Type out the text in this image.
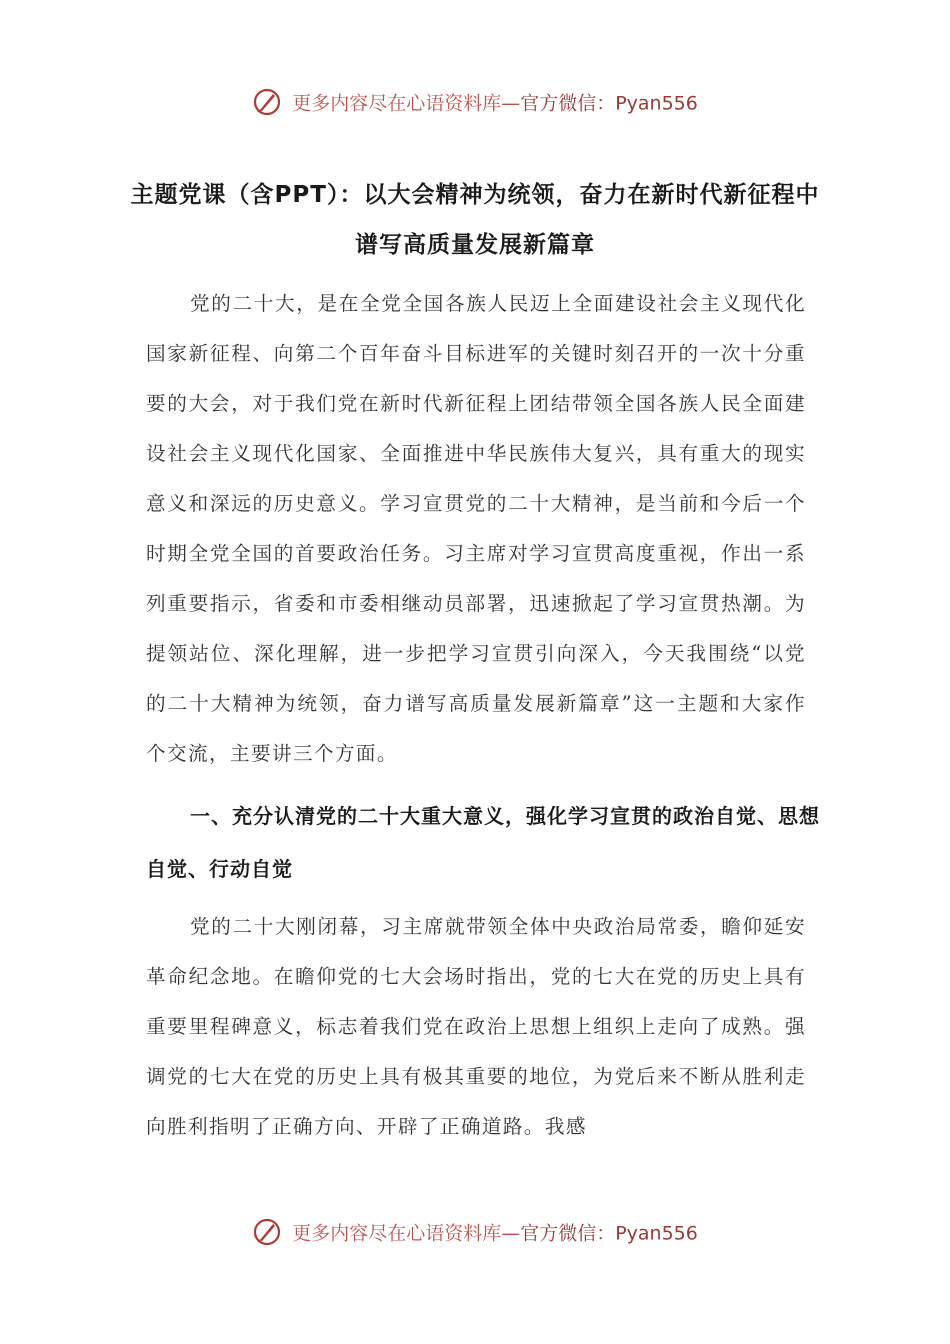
更多内容尽在心语资料库—官方微信：Pyan556
主题党课（含PPT）：以大会精神为统领，奋力在新时代新征程中谱写高质量发展新篇章
党的二十大，是在全党全国各族人民迈上全面建设社会主义现代化国家新征程、向第二个百年奋斗目标进军的关键时刻召开的一次十分重要的大会，对于我们党在新时代新征程上团结带领全国各族人民全面建设社会主义现代化国家、全面推进中华民族伟大复兴，具有重大的现实意义和深远的历史意义。学习宣贯党的二十大精神，是当前和今后一个时期全党全国的首要政治任务。习主席对学习宣贯高度重视，作出一系列重要指示，省委和市委相继动员部署，迅速掀起了学习宣贯热潮。为提领站位、深化理解，进一步把学习宣贯引向深入，今天我围绕“以党的二十大精神为统领，奋力谱写高质量发展新篇章”这一主题和大家作个交流，主要讲三个方面。
一、充分认清党的二十大重大意义，强化学习宣贯的政治自觉、思想自觉、行动自觉
党的二十大刚闭幕，习主席就带领全体中央政治局常委，瞻仰延安革命纪念地。在瞻仰党的七大会场时指出，党的七大在党的历史上具有重要里程碑意义，标志着我们党在政治上思想上组织上走向了成熟。强调党的七大在党的历史上具有极其重要的地位，为党后来不断从胜利走向胜利指明了正确方向、开辟了正确道路。我感
更多内容尽在心语资料库—官方微信：Pyan556
